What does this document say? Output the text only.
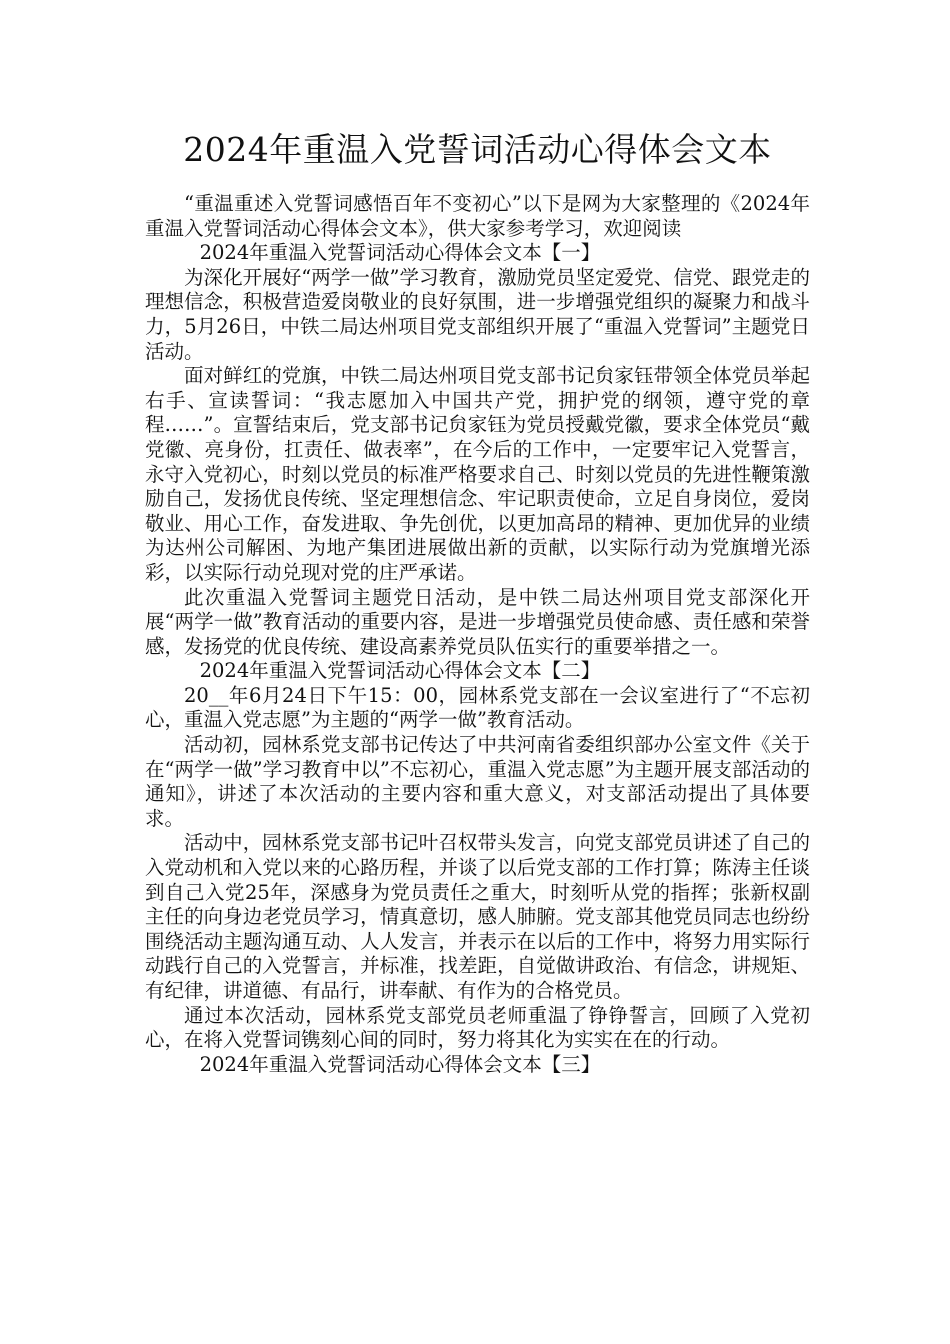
2024年重温入党誓词活动心得体会文本

“重温重述入党誓词感悟百年不变初心”以下是网为大家整理的《2024年重温入党誓词活动心得体会文本》，供大家参考学习，欢迎阅读

2024年重温入党誓词活动心得体会文本【一】

为深化开展好“两学一做”学习教育，激励党员坚定爱党、信党、跟党走的理想信念，积极营造爱岗敬业的良好氛围，进一步增强党组织的凝聚力和战斗力，5月26日，中铁二局达州项目党支部组织开展了“重温入党誓词”主题党日活动。

面对鲜红的党旗，中铁二局达州项目党支部书记贠家钰带领全体党员举起右手、宣读誓词：“我志愿加入中国共产党，拥护党的纲领，遵守党的章程……”。宣誓结束后，党支部书记贠家钰为党员授戴党徽，要求全体党员“戴党徽、亮身份，扛责任、做表率”，在今后的工作中，一定要牢记入党誓言，永守入党初心，时刻以党员的标准严格要求自己、时刻以党员的先进性鞭策激励自己，发扬优良传统、坚定理想信念、牢记职责使命，立足自身岗位，爱岗敬业、用心工作，奋发进取、争先创优，以更加高昂的精神、更加优异的业绩为达州公司解困、为地产集团进展做出新的贡献，以实际行动为党旗增光添彩，以实际行动兑现对党的庄严承诺。

此次重温入党誓词主题党日活动，是中铁二局达州项目党支部深化开展“两学一做”教育活动的重要内容，是进一步增强党员使命感、责任感和荣誉感，发扬党的优良传统、建设高素养党员队伍实行的重要举措之一。

2024年重温入党誓词活动心得体会文本【二】

20__年6月24日下午15：00，园林系党支部在一会议室进行了“不忘初心，重温入党志愿”为主题的“两学一做”教育活动。

活动初，园林系党支部书记传达了中共河南省委组织部办公室文件《关于在“两学一做”学习教育中以”不忘初心，重温入党志愿”为主题开展支部活动的通知》，讲述了本次活动的主要内容和重大意义，对支部活动提出了具体要求。

活动中，园林系党支部书记叶召权带头发言，向党支部党员讲述了自己的入党动机和入党以来的心路历程，并谈了以后党支部的工作打算；陈涛主任谈到自己入党25年，深感身为党员责任之重大，时刻听从党的指挥；张新权副主任的向身边老党员学习，情真意切，感人肺腑。党支部其他党员同志也纷纷围绕活动主题沟通互动、人人发言，并表示在以后的工作中，将努力用实际行动践行自己的入党誓言，并标准，找差距，自觉做讲政治、有信念，讲规矩、有纪律，讲道德、有品行，讲奉献、有作为的合格党员。

通过本次活动，园林系党支部党员老师重温了铮铮誓言，回顾了入党初心，在将入党誓词镌刻心间的同时，努力将其化为实实在在的行动。

2024年重温入党誓词活动心得体会文本【三】
